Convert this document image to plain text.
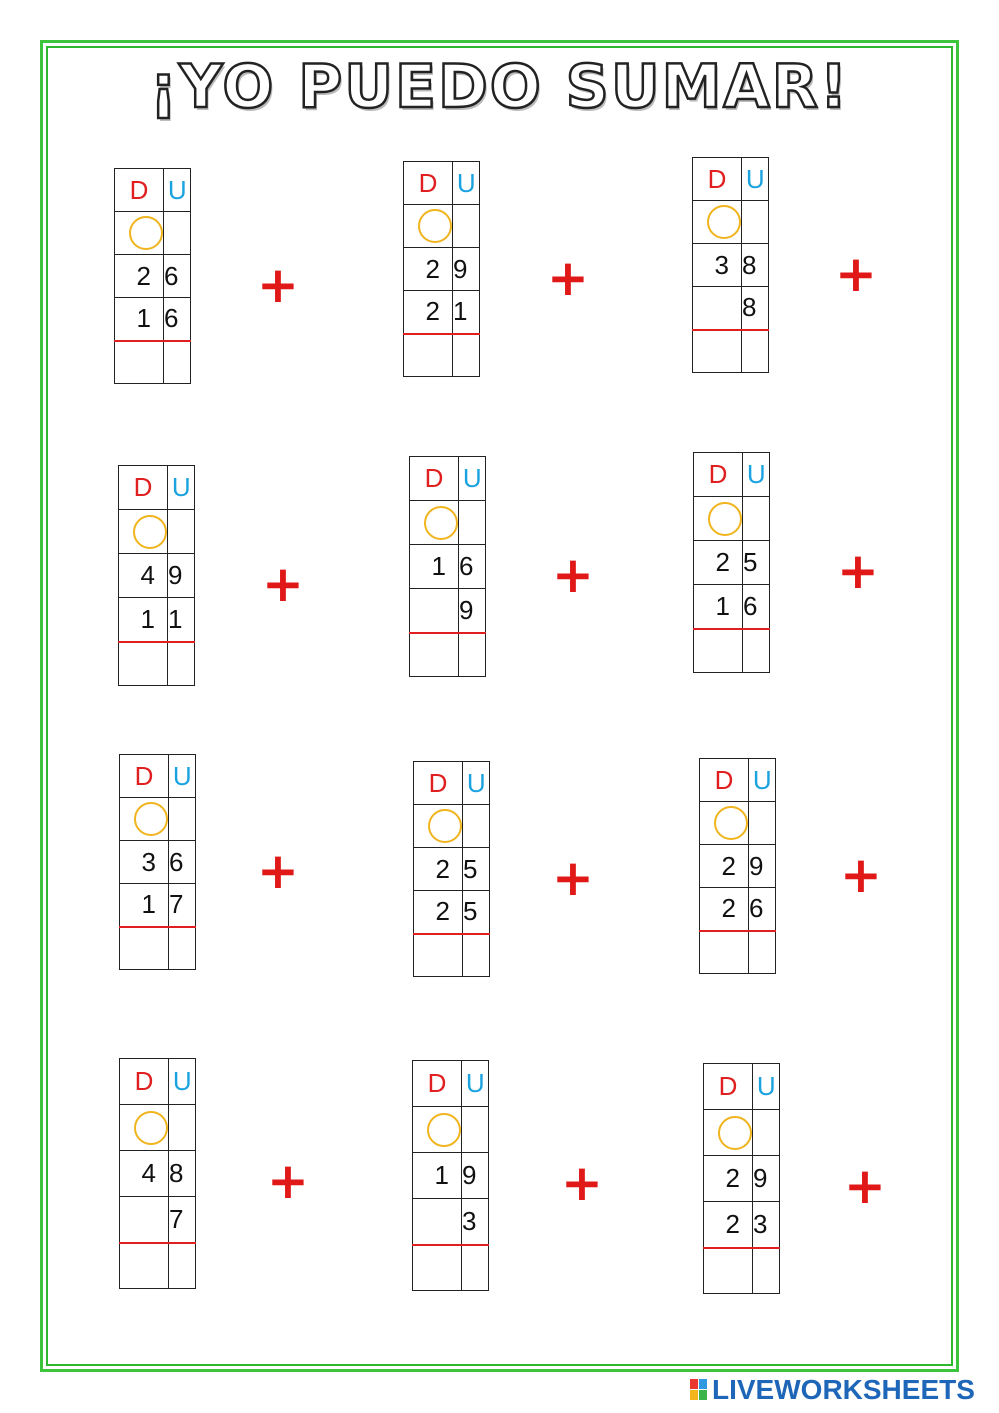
¡YO PUEDO SUMAR!
D	U

2	6
1	6

+
D	U

2	9
2	1

+
D	U

3	8
	8

+
D	U

4	9
1	1

+
D	U

1	6
	9

+
D	U

2	5
1	6

+
D	U

3	6
1	7

+
D	U

2	5
2	5

+
D	U

2	9
2	6

+
D	U

4	8
	7

+
D	U

1	9
	3

+
D	U

2	9
2	3

+
LIVEWORKSHEETS
